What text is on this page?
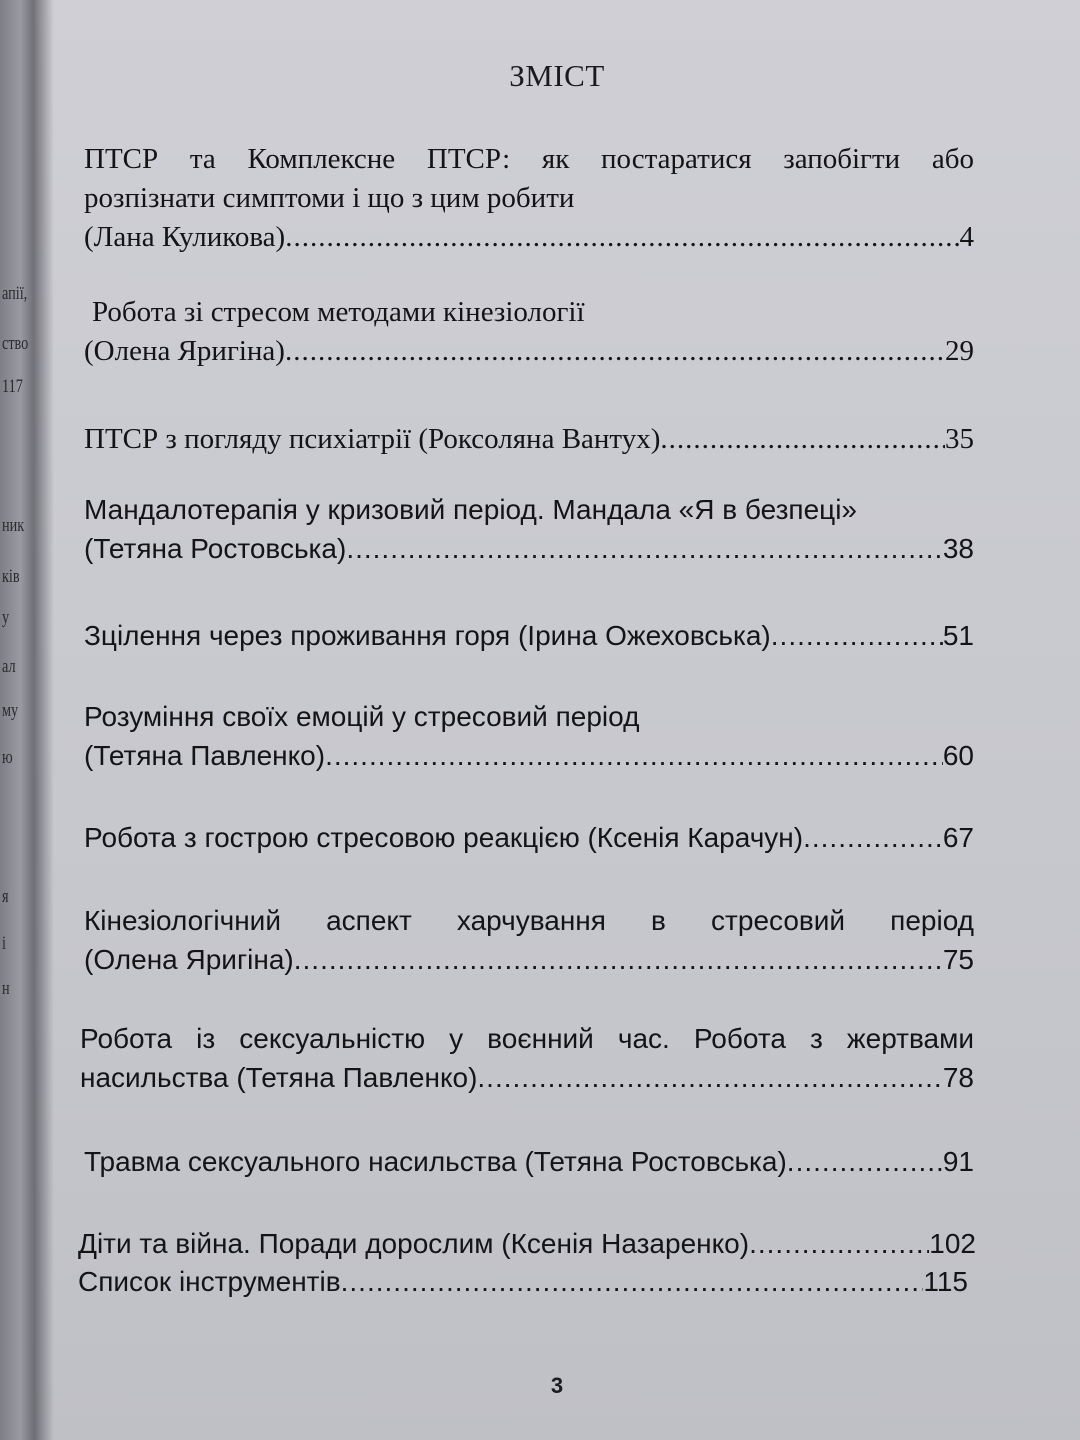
апії,
ство
117
ник
ків
у
ал
му
ю
я
і
н
ЗМІСТ
ПТСР та Комплексне ПТСР: як постаратися запобігти або
розпізнати симптоми і що з цим робити
(Лана Куликова) .....	4
Робота зі стресом методами кінезіології
(Олена Яригіна) .....	29
ПТСР з погляду психіатрії (Роксоляна Вантух) .....	35
Мандалотерапія у кризовий період. Мандала «Я в безпеці»
(Тетяна Ростовська) .....	38
Зцілення через проживання горя (Ірина Ожеховська) .....	51
Розуміння своїх емоцій у стресовий період
(Тетяна Павленко) .....	60
Робота з гострою стресовою реакцією (Ксенія Карачун) .....	67
Кінезіологічний аспект харчування в стресовий період
(Олена Яригіна) .....	75
Робота із сексуальністю у воєнний час. Робота з жертвами
насильства (Тетяна Павленко) .....	78
Травма сексуального насильства (Тетяна Ростовська) .....	91
Діти та війна. Поради дорослим (Ксенія Назаренко) .....	102
Список інструментів .....	115
3
